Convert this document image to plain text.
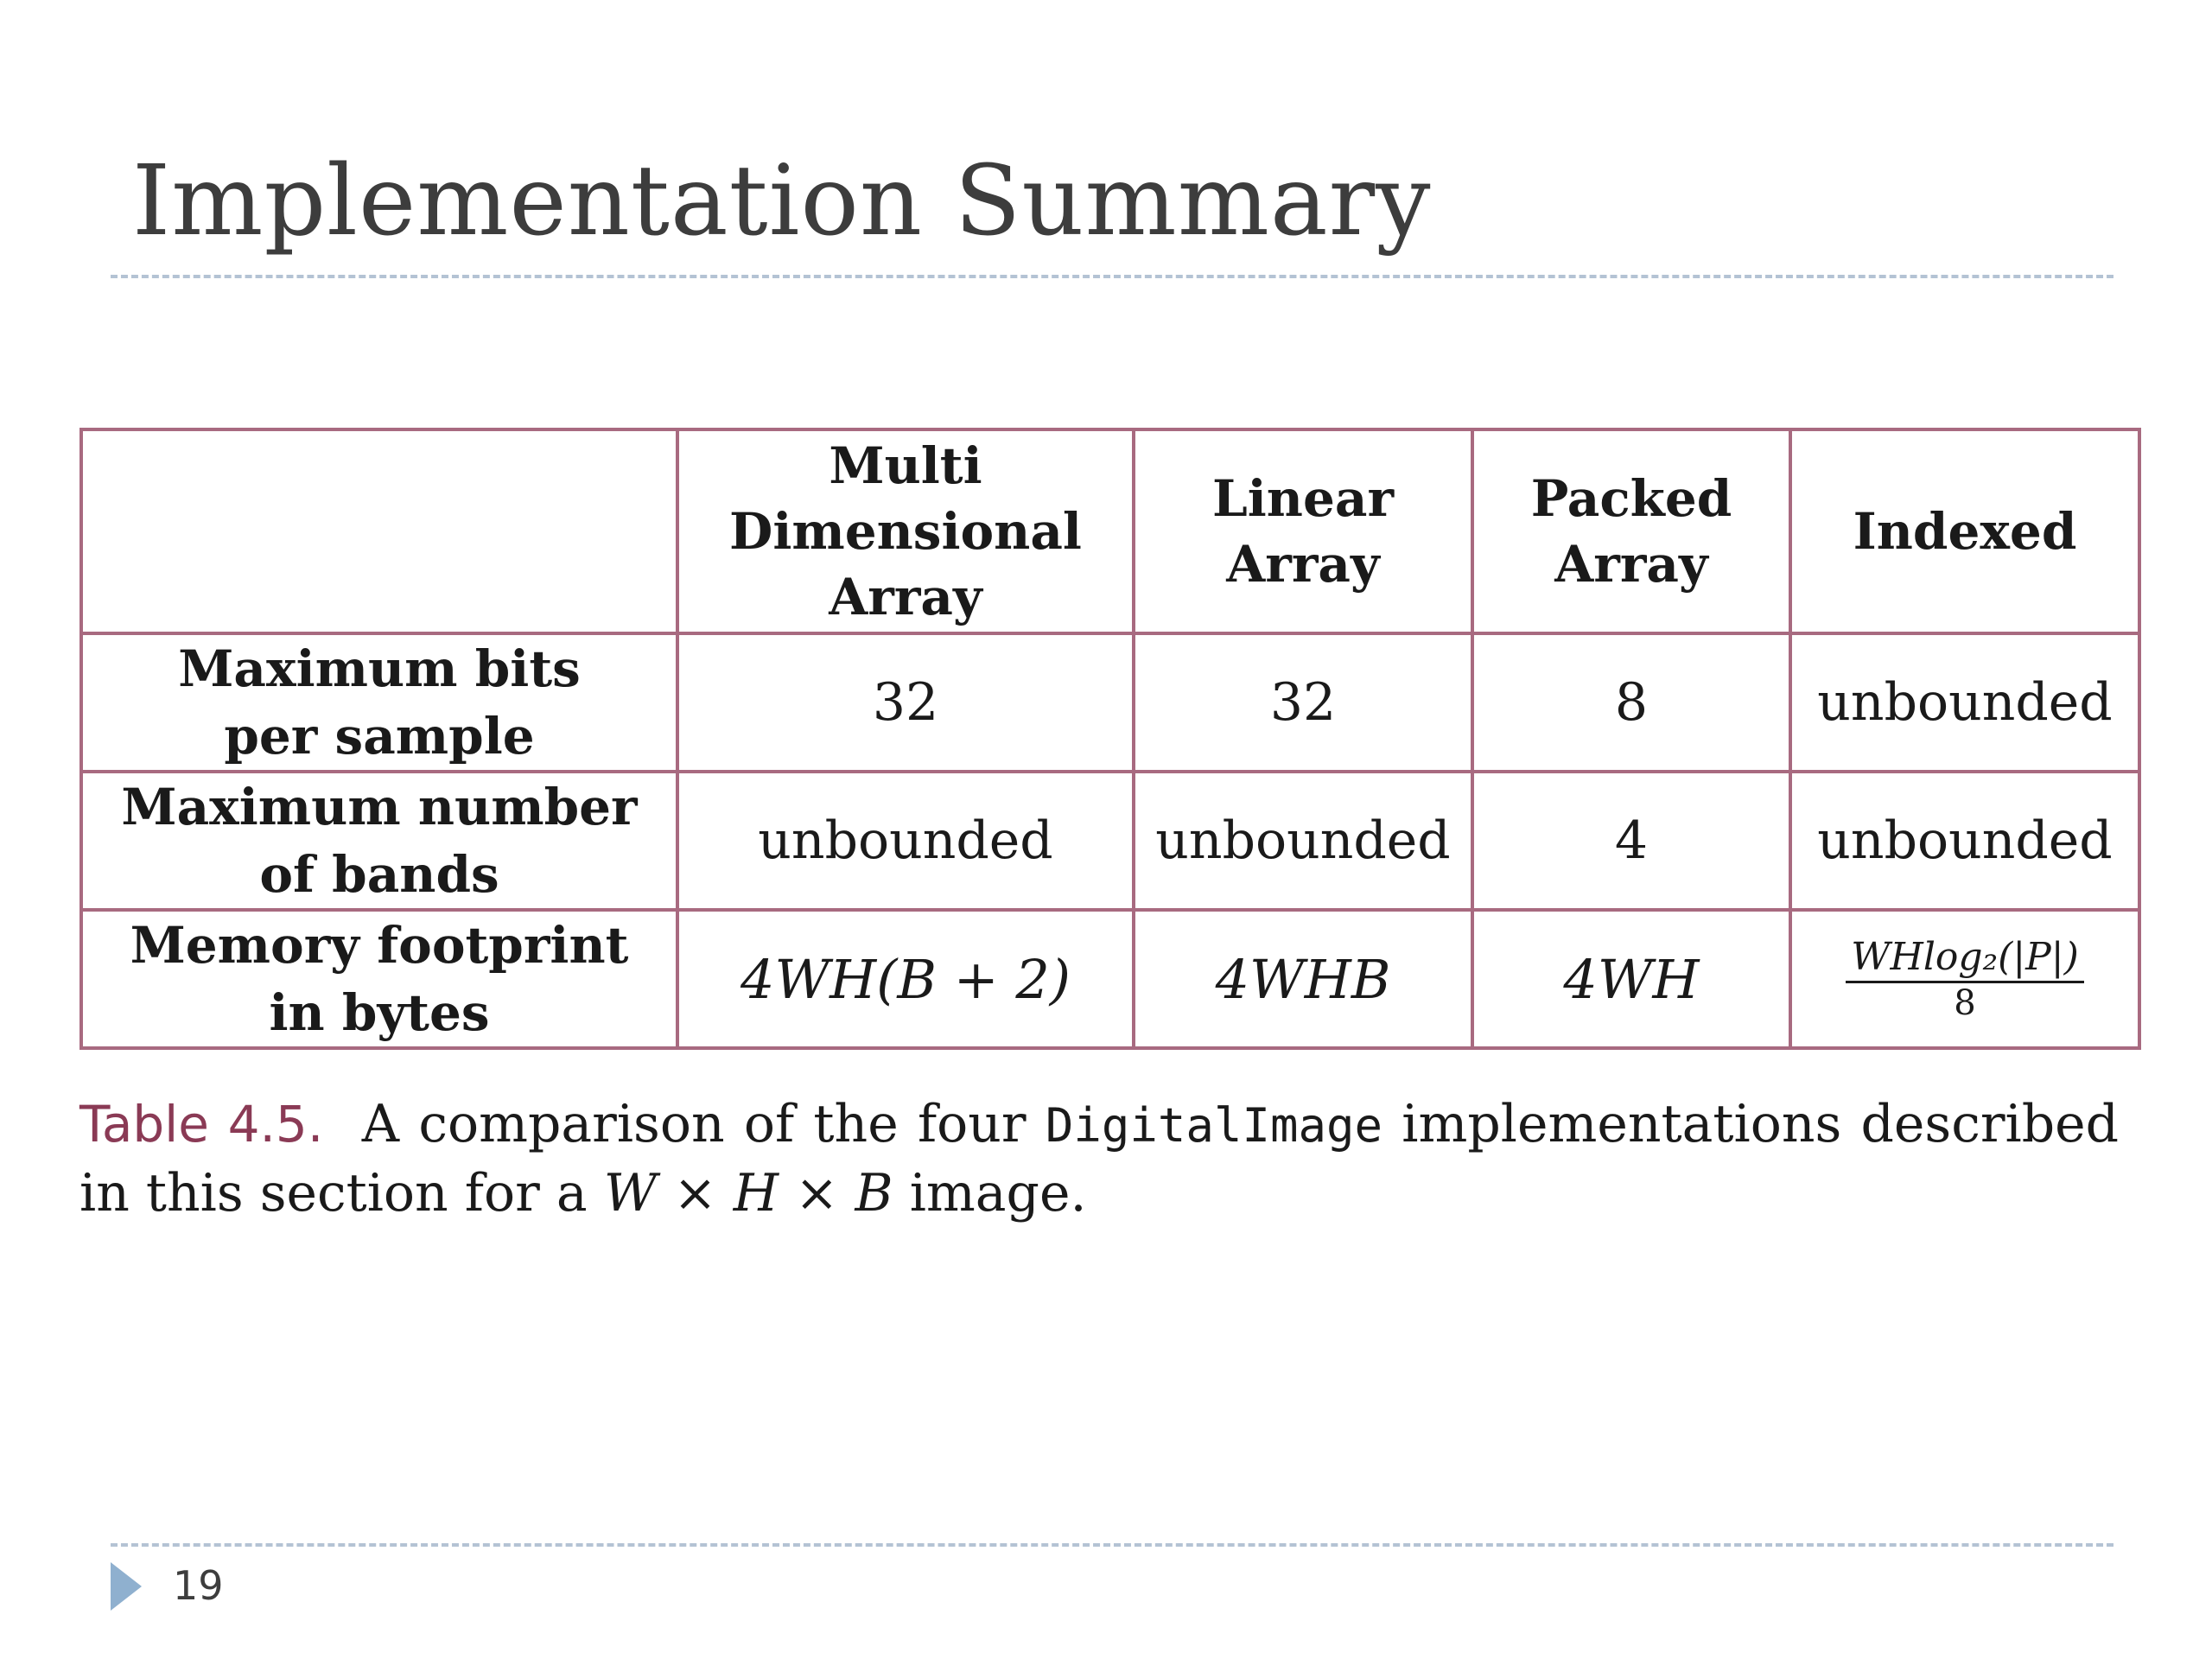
Implementation Summary
	Multi
Dimensional
Array	Linear
Array	Packed
Array	Indexed
Maximum bits
per sample	32	32	8	unbounded
Maximum number
of bands	unbounded	unbounded	4	unbounded
Memory footprint
in bytes	4WH(B + 2)	4WHB	4WH	$\frac{\text{WHlog₂(|P|)}}{8}$
Table 4.5. A comparison of the four DigitalImage implementations described in this section for a W × H × B image.
19
